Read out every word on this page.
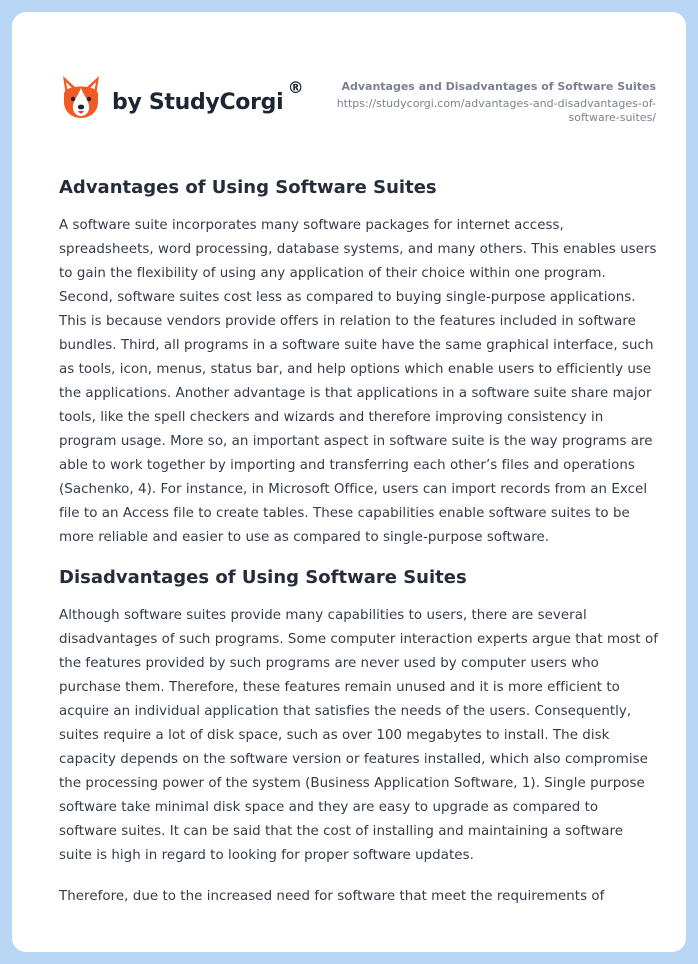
by StudyCorgi
®	Advantages and Disadvantages of Software Suites
https://studycorgi.com/advantages-and-disadvantages-of-software-suites/
Advantages of Using Software Suites

A software suite incorporates many software packages for internet access, spreadsheets, word processing, database systems, and many others. This enables users to gain the flexibility of using any application of their choice within one program. Second, software suites cost less as compared to buying single-purpose applications. This is because vendors provide offers in relation to the features included in software bundles. Third, all programs in a software suite have the same graphical interface, such as tools, icon, menus, status bar, and help options which enable users to efficiently use the applications. Another advantage is that applications in a software suite share major tools, like the spell checkers and wizards and therefore improving consistency in program usage. More so, an important aspect in software suite is the way programs are able to work together by importing and transferring each other’s files and operations (Sachenko, 4). For instance, in Microsoft Office, users can import records from an Excel file to an Access file to create tables. These capabilities enable software suites to be more reliable and easier to use as compared to single-purpose software.

Disadvantages of Using Software Suites

Although software suites provide many capabilities to users, there are several disadvantages of such programs. Some computer interaction experts argue that most of the features provided by such programs are never used by computer users who purchase them. Therefore, these features remain unused and it is more efficient to acquire an individual application that satisfies the needs of the users. Consequently, suites require a lot of disk space, such as over 100 megabytes to install. The disk capacity depends on the software version or features installed, which also compromise the processing power of the system (Business Application Software, 1). Single purpose software take minimal disk space and they are easy to upgrade as compared to software suites. It can be said that the cost of installing and maintaining a software suite is high in regard to looking for proper software updates.

Therefore, due to the increased need for software that meet the requirements of
